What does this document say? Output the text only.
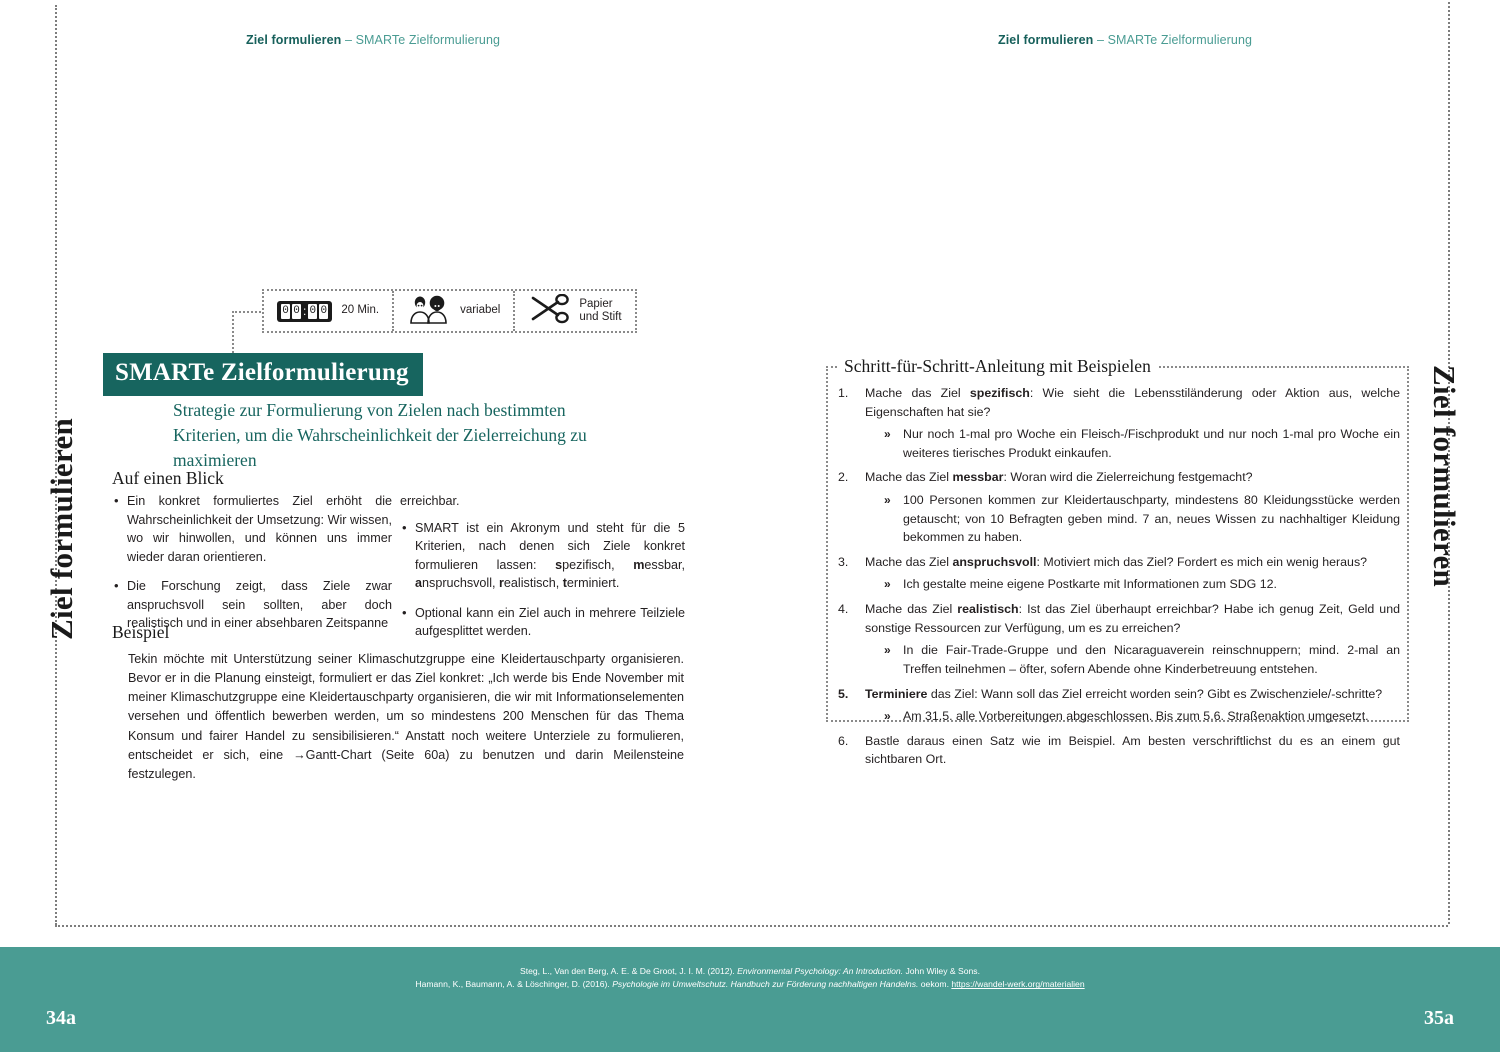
Ziel formulieren – SMARTe Zielformulierung	Ziel formulieren – SMARTe Zielformulierung
Ziel formulieren	Ziel formulieren
0 0 : 0 0 20 Min.	variabel
Papier
und Stift
SMARTe Zielformulierung
Strategie zur Formulierung von Zielen nach bestimmten Kriterien, um die Wahrscheinlichkeit der Zielerreichung zu maximieren
Auf einen Blick
• Ein konkret formuliertes Ziel erhöht die Wahrscheinlichkeit der Umsetzung: Wir wissen, wo wir hinwollen, und können uns immer wieder daran orientieren.
• Die Forschung zeigt, dass Ziele zwar anspruchsvoll sein sollten, aber doch realistisch und in einer absehbaren Zeitspanne
erreichbar.
• SMART ist ein Akronym und steht für die 5 Kriterien, nach denen sich Ziele konkret formulieren lassen: spezifisch, messbar, anspruchsvoll, realistisch, terminiert.
• Optional kann ein Ziel auch in mehrere Teilziele aufgesplittet werden.
Beispiel
Tekin möchte mit Unterstützung seiner Klimaschutzgruppe eine Kleidertauschparty organisieren. Bevor er in die Planung einsteigt, formuliert er das Ziel konkret: „Ich werde bis Ende November mit meiner Klimaschutzgruppe eine Kleidertauschparty organisieren, die wir mit Informationselementen versehen und öffentlich bewerben werden, um so mindestens 200 Menschen für das Thema Konsum und fairer Handel zu sensibilisieren.“ Anstatt noch weitere Unterziele zu formulieren, entscheidet er sich, eine →Gantt-Chart (Seite 60a) zu benutzen und darin Meilensteine festzulegen.
Schritt-für-Schritt-Anleitung mit Beispielen
1.	Mache das Ziel spezifisch: Wie sieht die Lebensstiländerung oder Aktion aus, welche Eigenschaften hat sie?
» Nur noch 1-mal pro Woche ein Fleisch-/Fischprodukt und nur noch 1-mal pro Woche ein weiteres tierisches Produkt einkaufen.
2.	Mache das Ziel messbar: Woran wird die Zielerreichung festgemacht?
» 100 Personen kommen zur Kleidertauschparty, mindestens 80 Kleidungsstücke werden getauscht; von 10 Befragten geben mind. 7 an, neues Wissen zu nachhaltiger Kleidung bekommen zu haben.
3.	Mache das Ziel anspruchsvoll: Motiviert mich das Ziel? Fordert es mich ein wenig heraus?
» Ich gestalte meine eigene Postkarte mit Informationen zum SDG 12.
4.	Mache das Ziel realistisch: Ist das Ziel überhaupt erreichbar? Habe ich genug Zeit, Geld und sonstige Ressourcen zur Verfügung, um es zu erreichen?
» In die Fair-Trade-Gruppe und den Nicaraguaverein reinschnuppern; mind. 2-mal an Treffen teilnehmen – öfter, sofern Abende ohne Kinderbetreuung entstehen.
5.	Terminiere das Ziel: Wann soll das Ziel erreicht worden sein? Gibt es Zwischenziele/-schritte?
» Am 31.5. alle Vorbereitungen abgeschlossen. Bis zum 5.6. Straßenaktion umgesetzt.
6.	Bastle daraus einen Satz wie im Beispiel. Am besten verschriftlichst du es an einem gut sichtbaren Ort.
Steg, L., Van den Berg, A. E. & De Groot, J. I. M. (2012). Environmental Psychology: An Introduction. John Wiley & Sons.
Hamann, K., Baumann, A. & Löschinger, D. (2016). Psychologie im Umweltschutz. Handbuch zur Förderung nachhaltigen Handelns. oekom. https://wandel-werk.org/materialien
34a	35a
